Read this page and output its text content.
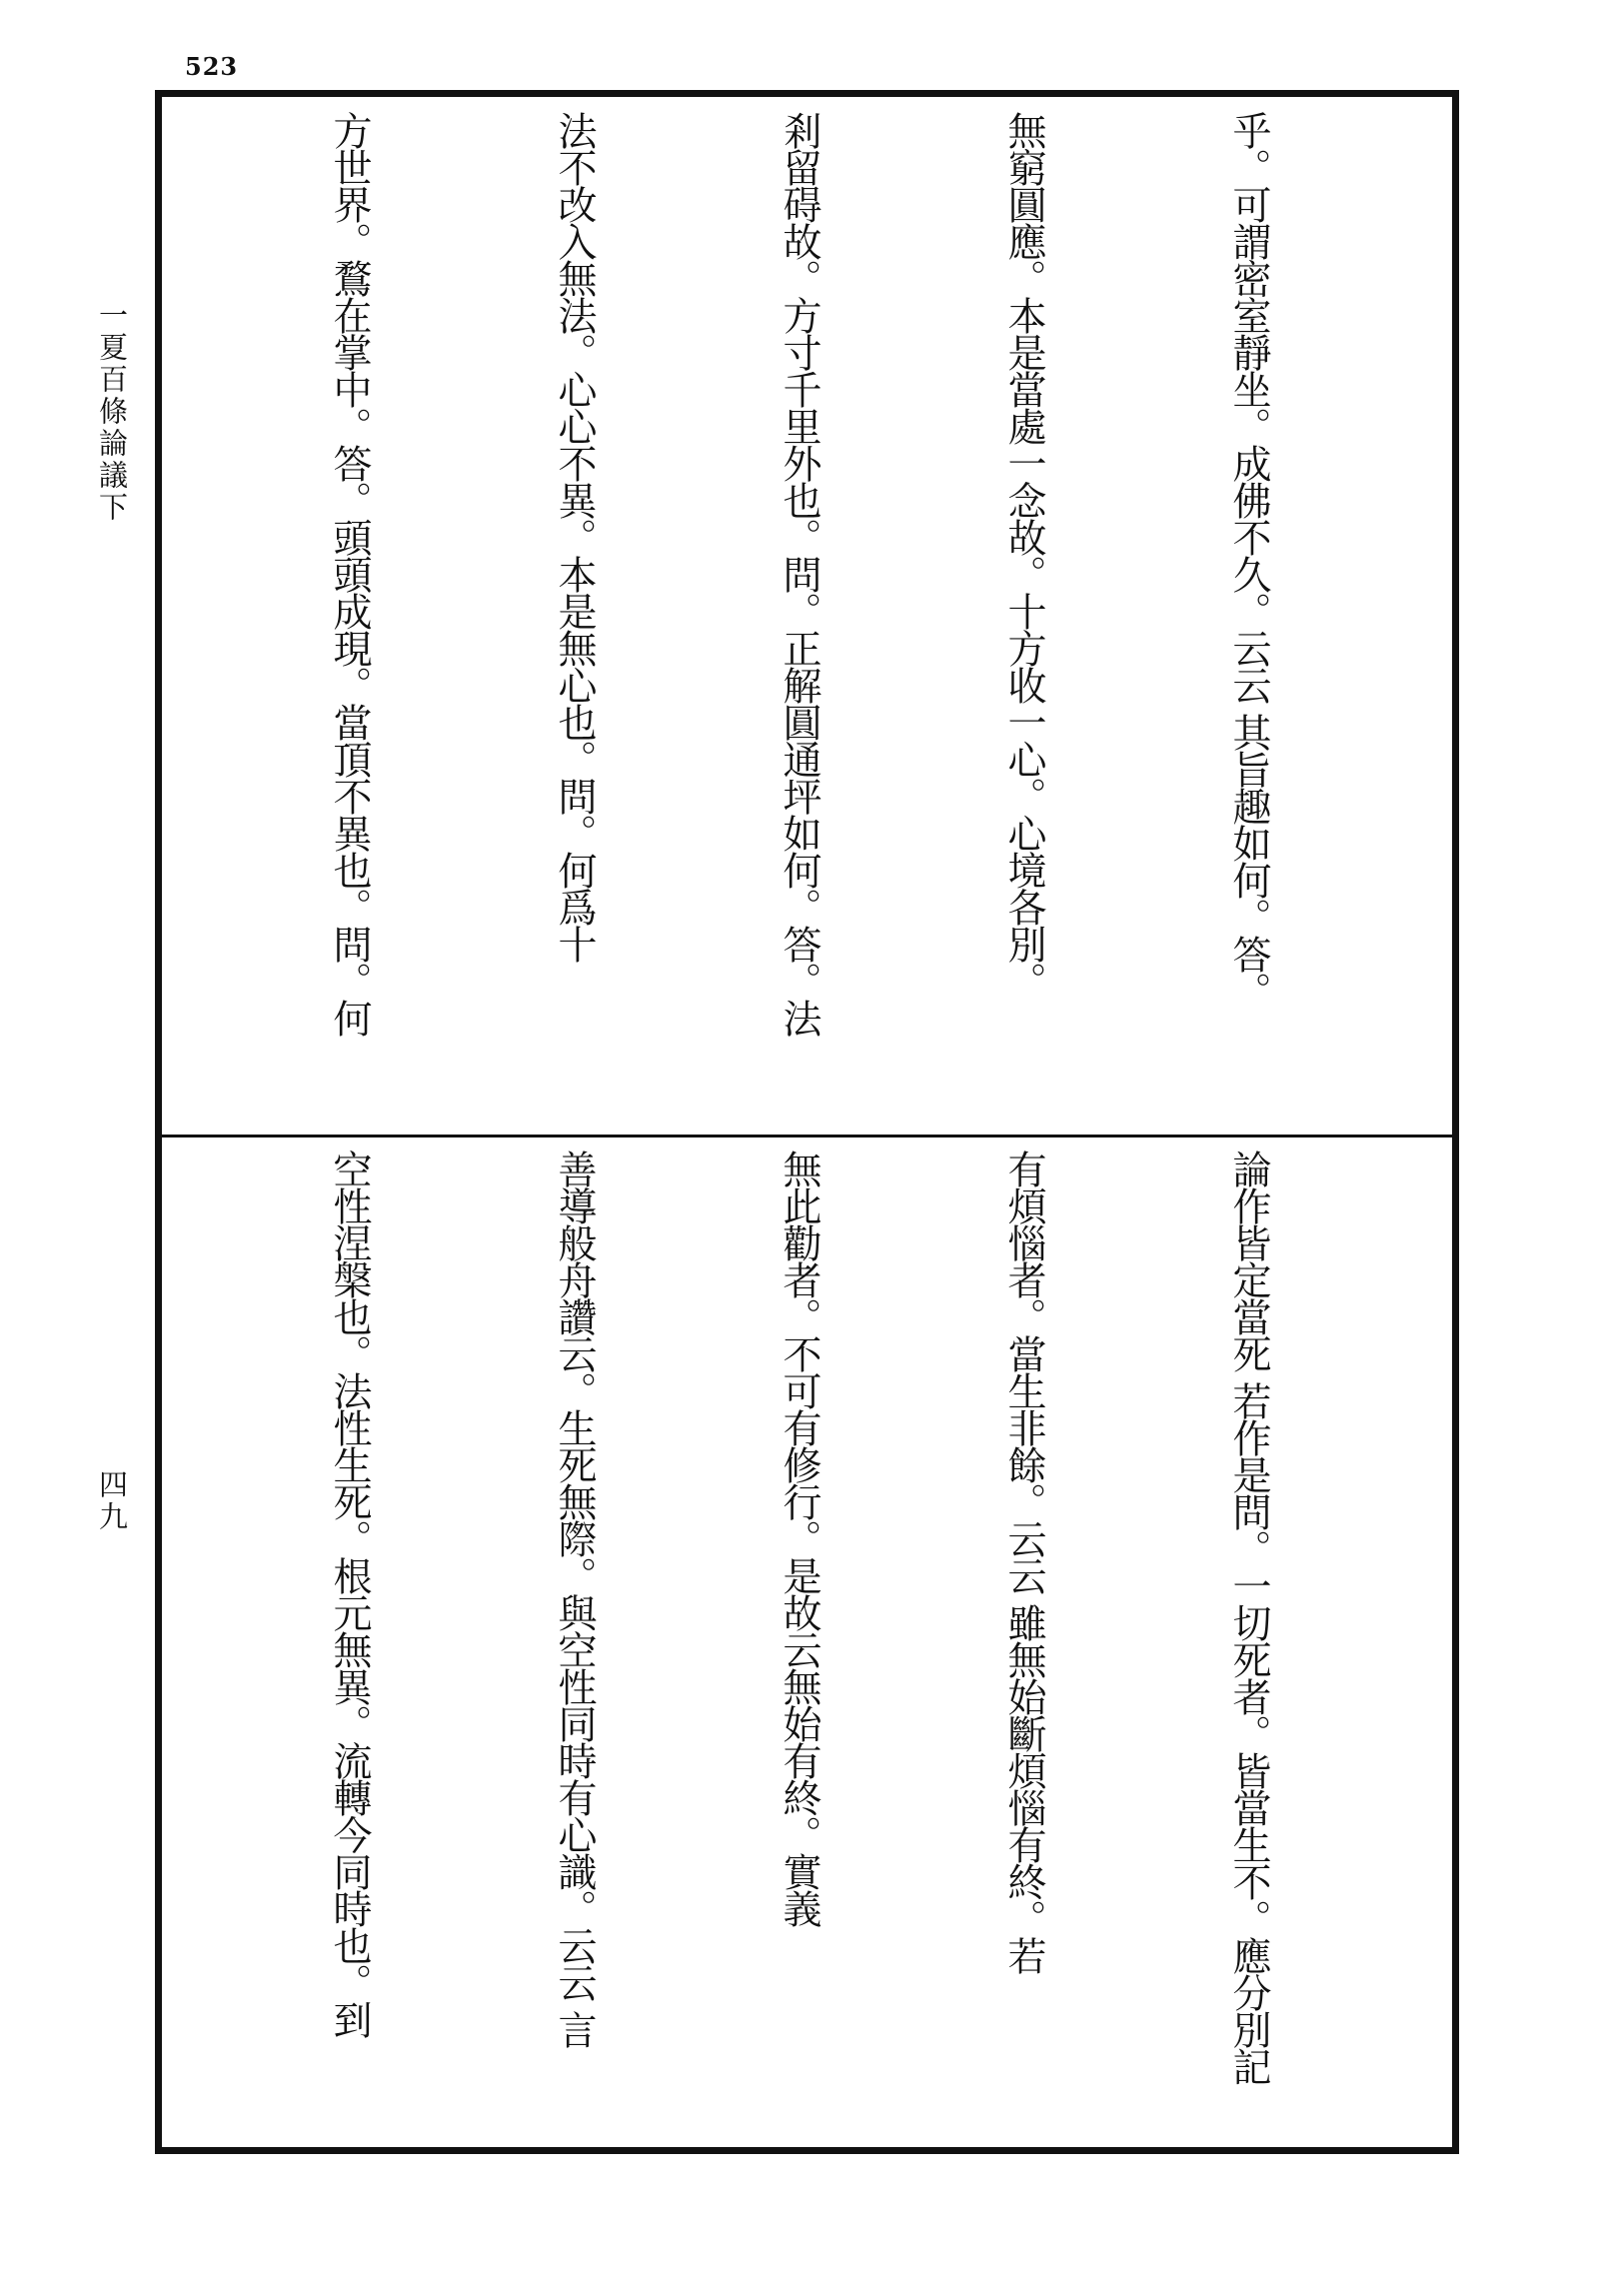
523
一夏百條論議下
四九

乎。可謂密室靜坐。成佛不久。云云 其旨趣如何。答。

無窮圓應。本是當處一念故。十方收一心。心境各別。

剎留碍故。方寸千里外也。問。正解圓通坪如何。答。法

法不改入無法。心心不異。本是無心也。問。何爲十

方世界。鶩在掌中。答。頭頭成現。當頂不異也。問。何

論作皆定當死 若作是問。一切死者。皆當生不。應分別記

有煩惱者。當生非餘。云云 雖無始斷煩惱有終。若

無此勸者。不可有修行。是故云無始有終。實義

善導般舟讚云。生死無際。與空性同時有心識。云云 言

空性涅槃也。法性生死。根元無異。流轉今同時也。到
